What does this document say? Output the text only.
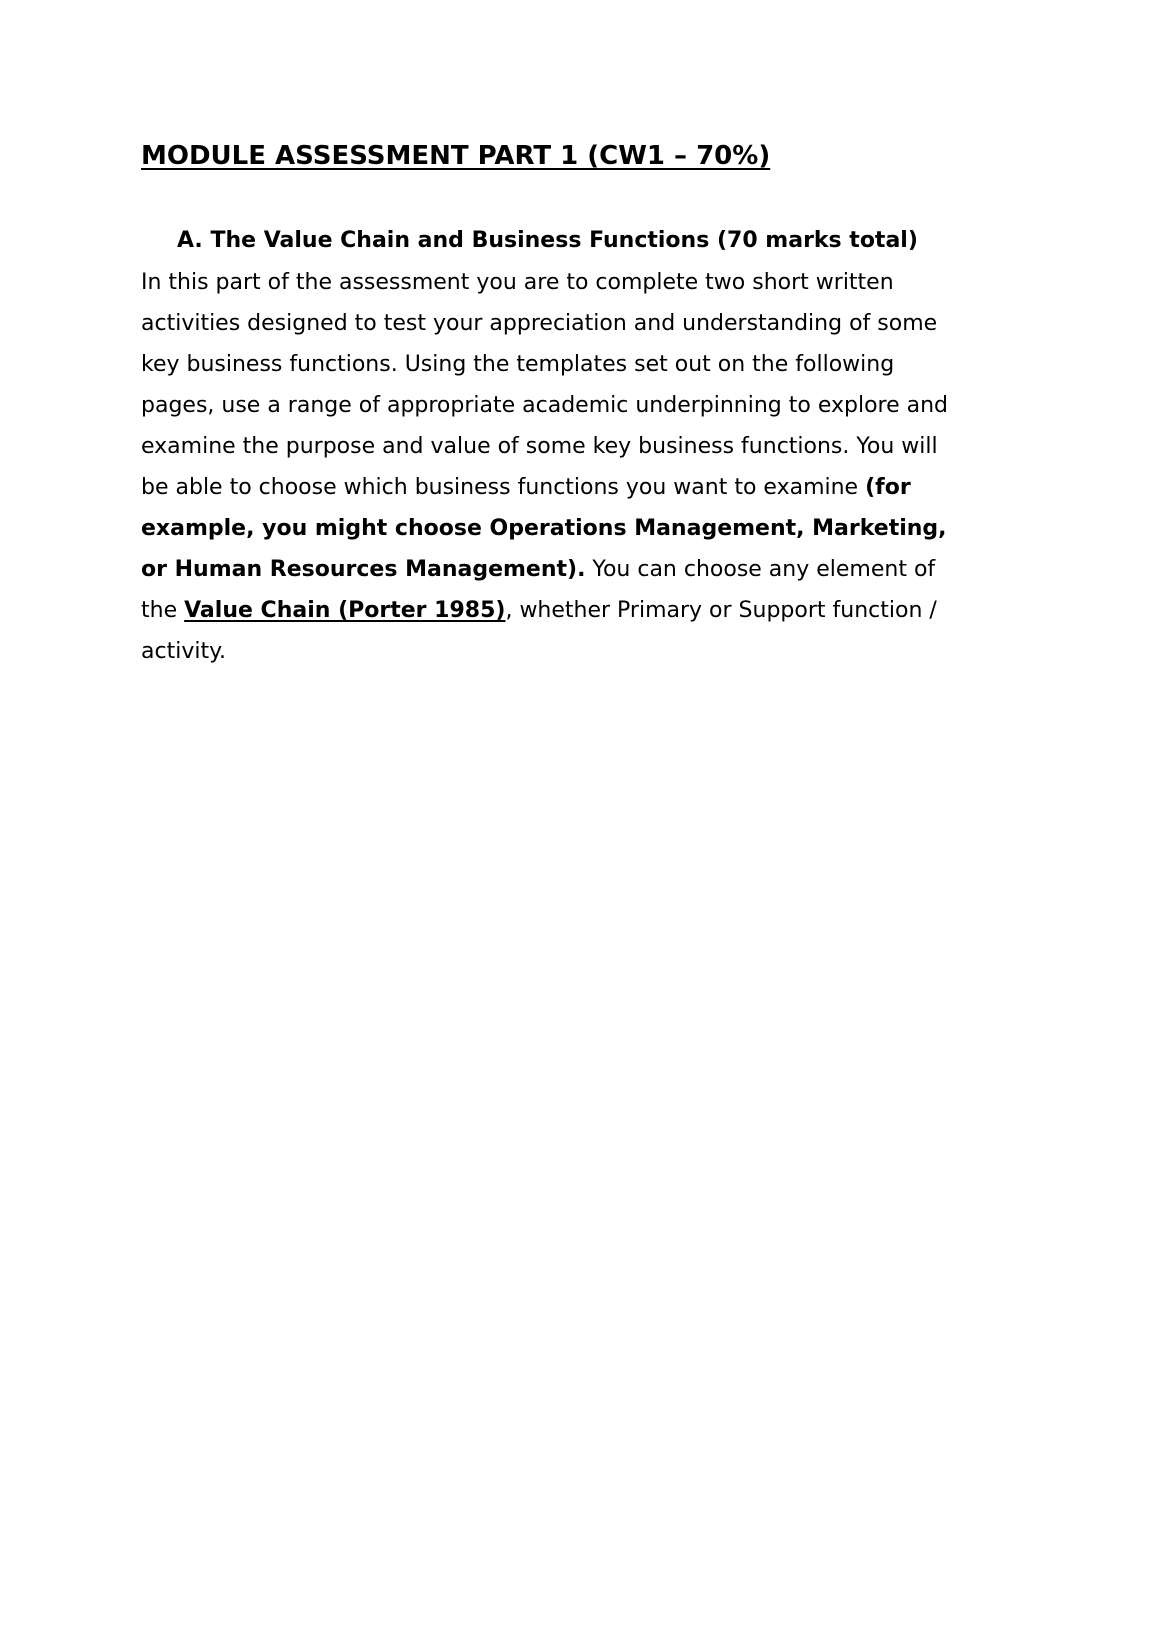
MODULE ASSESSMENT PART 1 (CW1 – 70%)
A. The Value Chain and Business Functions (70 marks total)

In this part of the assessment you are to complete two short written
activities designed to test your appreciation and understanding of some
key business functions. Using the templates set out on the following
pages, use a range of appropriate academic underpinning to explore and
examine the purpose and value of some key business functions. You will
be able to choose which business functions you want to examine (for
example, you might choose Operations Management, Marketing,
or Human Resources Management). You can choose any element of
the Value Chain (Porter 1985), whether Primary or Support function /
activity.
